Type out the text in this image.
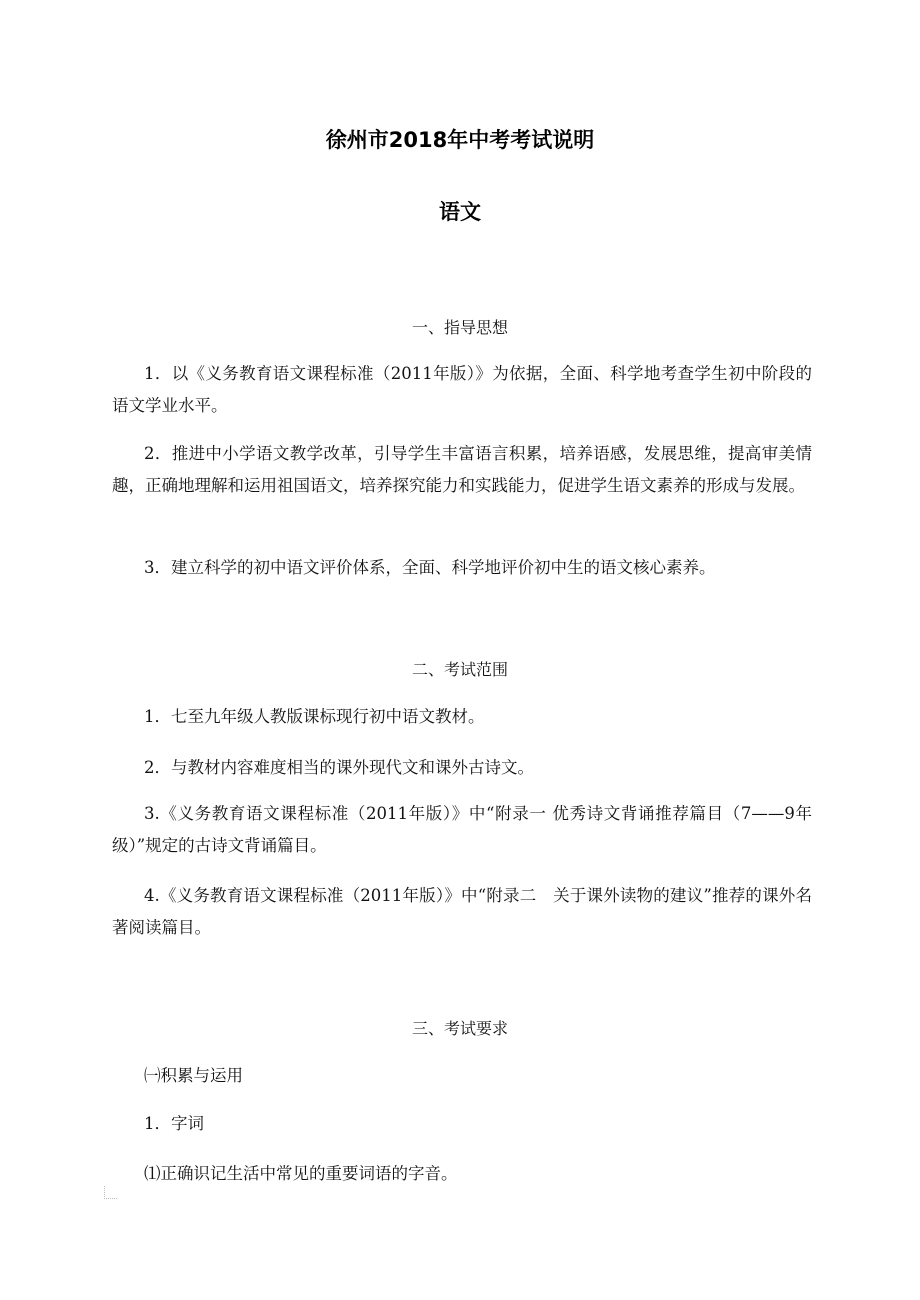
徐州市2018年中考考试说明
语文
一、指导思想
1．以《义务教育语文课程标准（2011年版）》为依据，全面、科学地考查学生初中阶段的语文学业水平。
2．推进中小学语文教学改革，引导学生丰富语言积累，培养语感，发展思维，提高审美情趣，正确地理解和运用祖国语文，培养探究能力和实践能力，促进学生语文素养的形成与发展。
3．建立科学的初中语文评价体系，全面、科学地评价初中生的语文核心素养。
二、考试范围
1．七至九年级人教版课标现行初中语文教材。
2．与教材内容难度相当的课外现代文和课外古诗文。
3.《义务教育语文课程标准（2011年版）》中“附录一 优秀诗文背诵推荐篇目（7——9年级）”规定的古诗文背诵篇目。
4.《义务教育语文课程标准（2011年版）》中“附录二　关于课外读物的建议”推荐的课外名著阅读篇目。
三、考试要求
㈠积累与运用
1．字词
⑴正确识记生活中常见的重要词语的字音。
